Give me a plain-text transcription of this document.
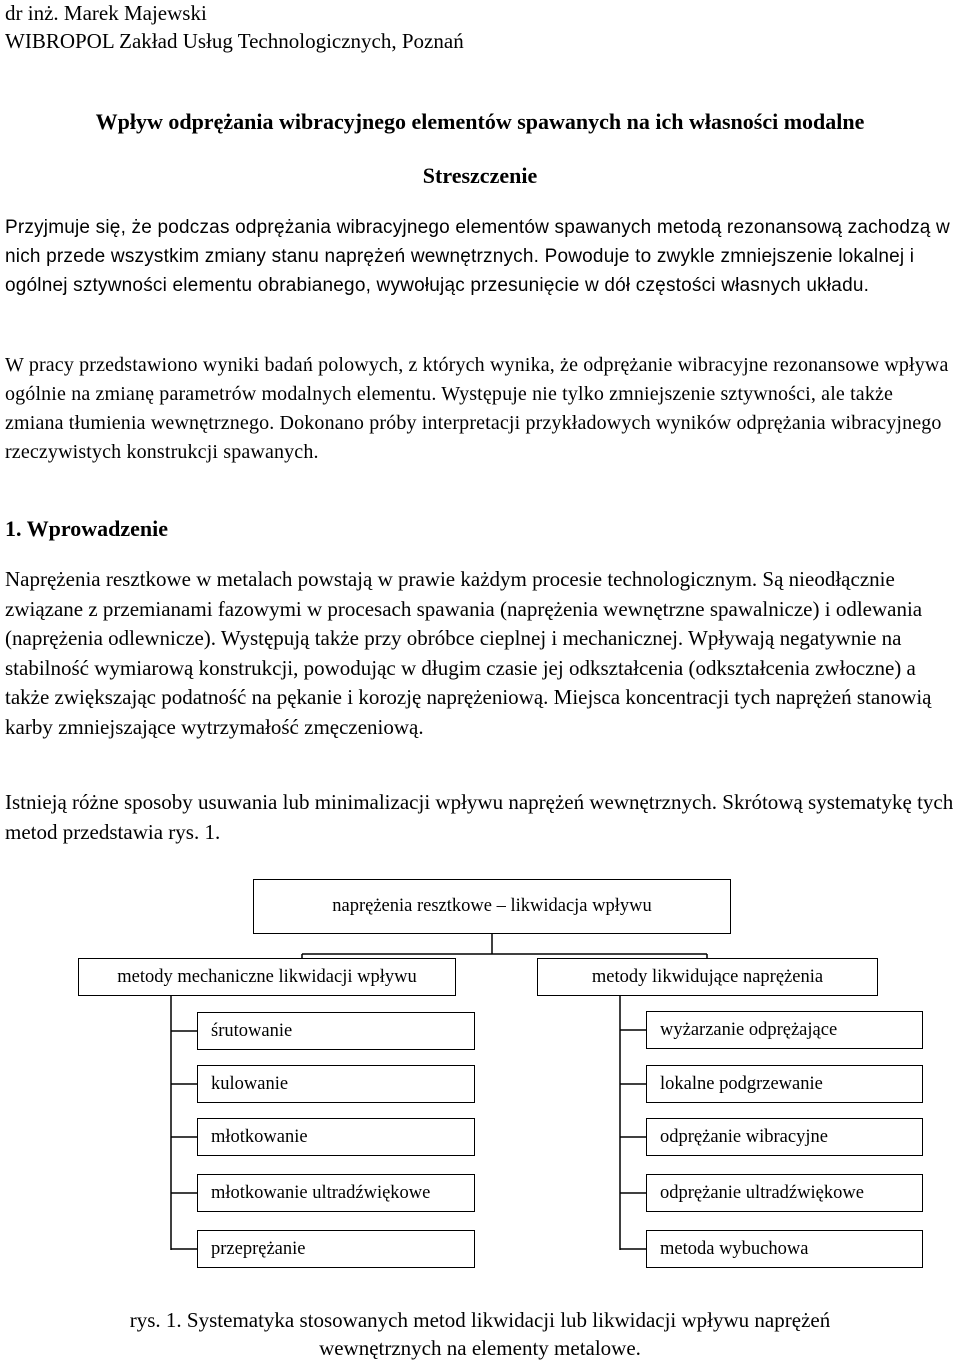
dr inż. Marek Majewski
WIBROPOL Zakład Usług Technologicznych, Poznań
Wpływ odprężania wibracyjnego elementów spawanych na ich własności modalne
Streszczenie

Przyjmuje się, że podczas odprężania wibracyjnego elementów spawanych metodą rezonansową zachodzą w nich przede wszystkim zmiany stanu naprężeń wewnętrznych. Powoduje to zwykle zmniejszenie lokalnej i ogólnej sztywności elementu obrabianego, wywołując przesunięcie w dół częstości własnych układu.

W pracy przedstawiono wyniki badań polowych, z których wynika, że odprężanie wibracyjne rezonansowe wpływa ogólnie na zmianę parametrów modalnych elementu. Występuje nie tylko zmniejszenie sztywności, ale także zmiana tłumienia wewnętrznego. Dokonano próby interpretacji przykładowych wyników odprężania wibracyjnego rzeczywistych konstrukcji spawanych.

1. Wprowadzenie

Naprężenia resztkowe w metalach powstają w prawie każdym procesie technologicznym. Są nieodłącznie związane z przemianami fazowymi w procesach spawania (naprężenia wewnętrzne spawalnicze) i odlewania (naprężenia odlewnicze). Występują także przy obróbce cieplnej i mechanicznej. Wpływają negatywnie na stabilność wymiarową konstrukcji, powodując w długim czasie jej odkształcenia (odkształcenia zwłoczne) a także zwiększając podatność na pękanie i korozję naprężeniową. Miejsca koncentracji tych naprężeń stanowią karby zmniejszające wytrzymałość zmęczeniową.

Istnieją różne sposoby usuwania lub minimalizacji wpływu naprężeń wewnętrznych. Skrótową systematykę tych metod przedstawia rys. 1.

naprężenia resztkowe – likwidacja wpływu
metody mechaniczne likwidacji wpływu	metody likwidujące naprężenia
śrutowanie
kulowanie
młotkowanie
młotkowanie ultradźwiękowe
przeprężanie
wyżarzanie odprężające
lokalne podgrzewanie
odprężanie wibracyjne
odprężanie ultradźwiękowe
metoda wybuchowa

rys. 1. Systematyka stosowanych metod likwidacji lub likwidacji wpływu naprężeń
wewnętrznych na elementy metalowe.
